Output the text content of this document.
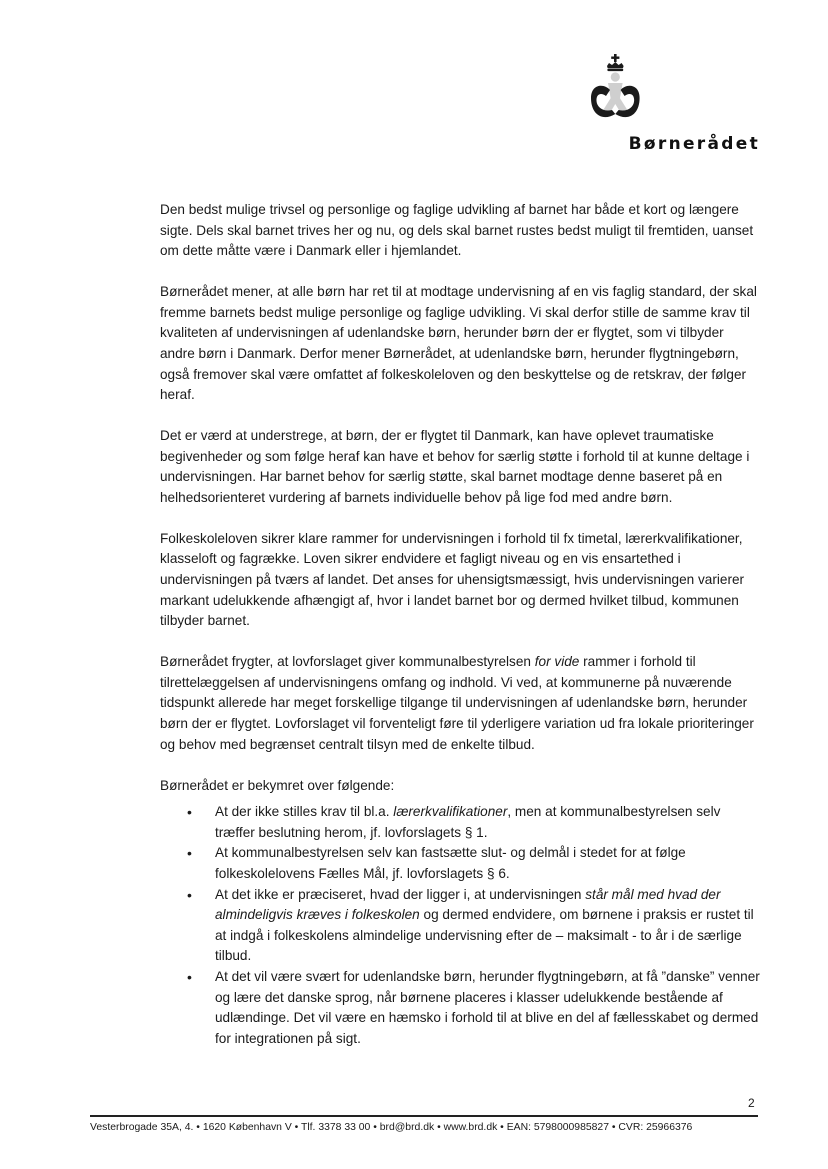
Børnerådet

Den bedst mulige trivsel og personlige og faglige udvikling af barnet har både et kort og længere sigte. Dels skal barnet trives her og nu, og dels skal barnet rustes bedst muligt til fremtiden, uanset om dette måtte være i Danmark eller i hjemlandet.

Børnerådet mener, at alle børn har ret til at modtage undervisning af en vis faglig standard, der skal fremme barnets bedst mulige personlige og faglige udvikling. Vi skal derfor stille de samme krav til kvaliteten af undervisningen af udenlandske børn, herunder børn der er flygtet, som vi tilbyder andre børn i Danmark. Derfor mener Børnerådet, at udenlandske børn, herunder flygtningebørn, også fremover skal være omfattet af folkeskoleloven og den beskyttelse og de retskrav, der følger heraf.

Det er værd at understrege, at børn, der er flygtet til Danmark, kan have oplevet traumatiske begivenheder og som følge heraf kan have et behov for særlig støtte i forhold til at kunne deltage i undervisningen. Har barnet behov for særlig støtte, skal barnet modtage denne baseret på en helhedsorienteret vurdering af barnets individuelle behov på lige fod med andre børn.

Folkeskoleloven sikrer klare rammer for undervisningen i forhold til fx timetal, lærerkvalifikationer, klasseloft og fagrække. Loven sikrer endvidere et fagligt niveau og en vis ensartethed i undervisningen på tværs af landet. Det anses for uhensigtsmæssigt, hvis undervisningen varierer markant udelukkende afhængigt af, hvor i landet barnet bor og dermed hvilket tilbud, kommunen tilbyder barnet.

Børnerådet frygter, at lovforslaget giver kommunalbestyrelsen for vide rammer i forhold til tilrettelæggelsen af undervisningens omfang og indhold. Vi ved, at kommunerne på nuværende tidspunkt allerede har meget forskellige tilgange til undervisningen af udenlandske børn, herunder børn der er flygtet. Lovforslaget vil forventeligt føre til yderligere variation ud fra lokale prioriteringer og behov med begrænset centralt tilsyn med de enkelte tilbud.

Børnerådet er bekymret over følgende:

• At der ikke stilles krav til bl.a. lærerkvalifikationer, men at kommunalbestyrelsen selv træffer beslutning herom, jf. lovforslagets § 1.
• At kommunalbestyrelsen selv kan fastsætte slut- og delmål i stedet for at følge folkeskolelovens Fælles Mål, jf. lovforslagets § 6.
• At det ikke er præciseret, hvad der ligger i, at undervisningen står mål med hvad der almindeligvis kræves i folkeskolen og dermed endvidere, om børnene i praksis er rustet til at indgå i folkeskolens almindelige undervisning efter de – maksimalt - to år i de særlige tilbud.
• At det vil være svært for udenlandske børn, herunder flygtningebørn, at få ”danske” venner og lære det danske sprog, når børnene placeres i klasser udelukkende bestående af udlændinge. Det vil være en hæmsko i forhold til at blive en del af fællesskabet og dermed for integrationen på sigt.
2
Vesterbrogade 35A, 4. • 1620 København V • Tlf. 3378 33 00 • brd@brd.dk • www.brd.dk • EAN: 5798000985827 • CVR: 25966376
